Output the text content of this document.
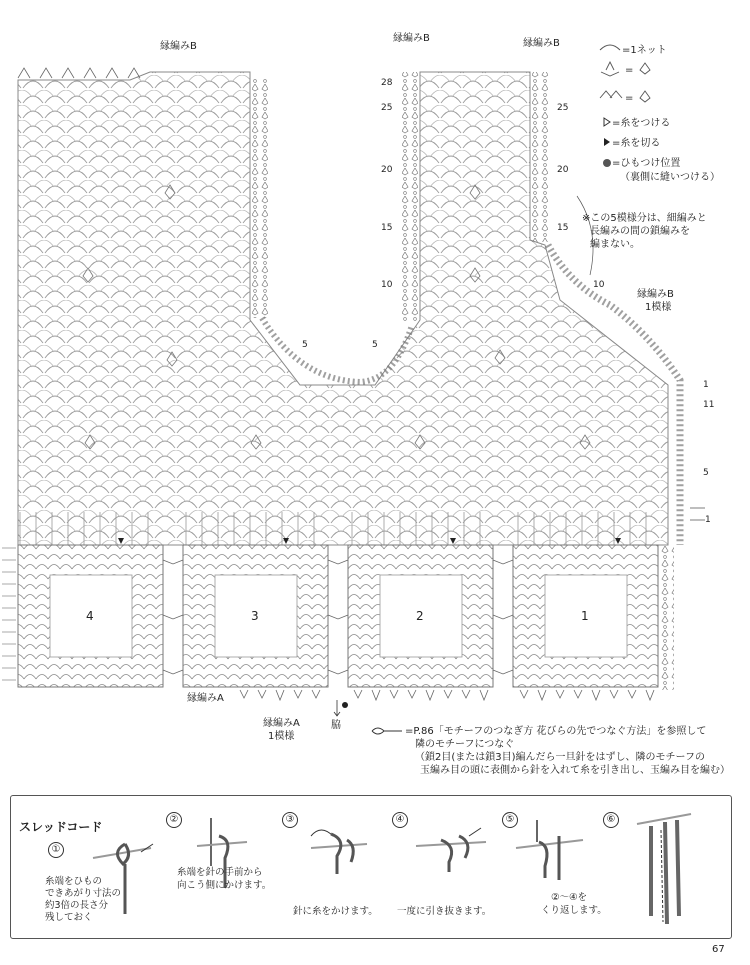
縁編みB
縁編みB	縁編みB
縁編みB
1模様
縁編みA
縁編みA
1模様
脇
28
25
20
15
10
5
25
20
15
10
5
1
11
5
1
4	3	2	1
=1ネット
=
=
=糸をつける
=糸を切る
=ひもつけ位置
（裏側に縫いつける）
※この5模様分は、細編みと
長編みの間の鎖編みを
編まない。
=P.86「モチーフのつなぎ方 花びらの先でつなぐ方法」を参照して
隣のモチーフにつなぐ
（鎖2目(または鎖3目)編んだら一旦針をはずし、隣のモチーフの
玉編み目の頭に表側から針を入れて糸を引き出し、玉編み目を編む）
スレッドコード
①
②	③	④	⑤	⑥
糸端をひもの
できあがり寸法の
約3倍の長さ分
残しておく
糸端を針の手前から
向こう側にかけます。
針に糸をかけます。 一度に引き抜きます。
②～④を
くり返します。
67
